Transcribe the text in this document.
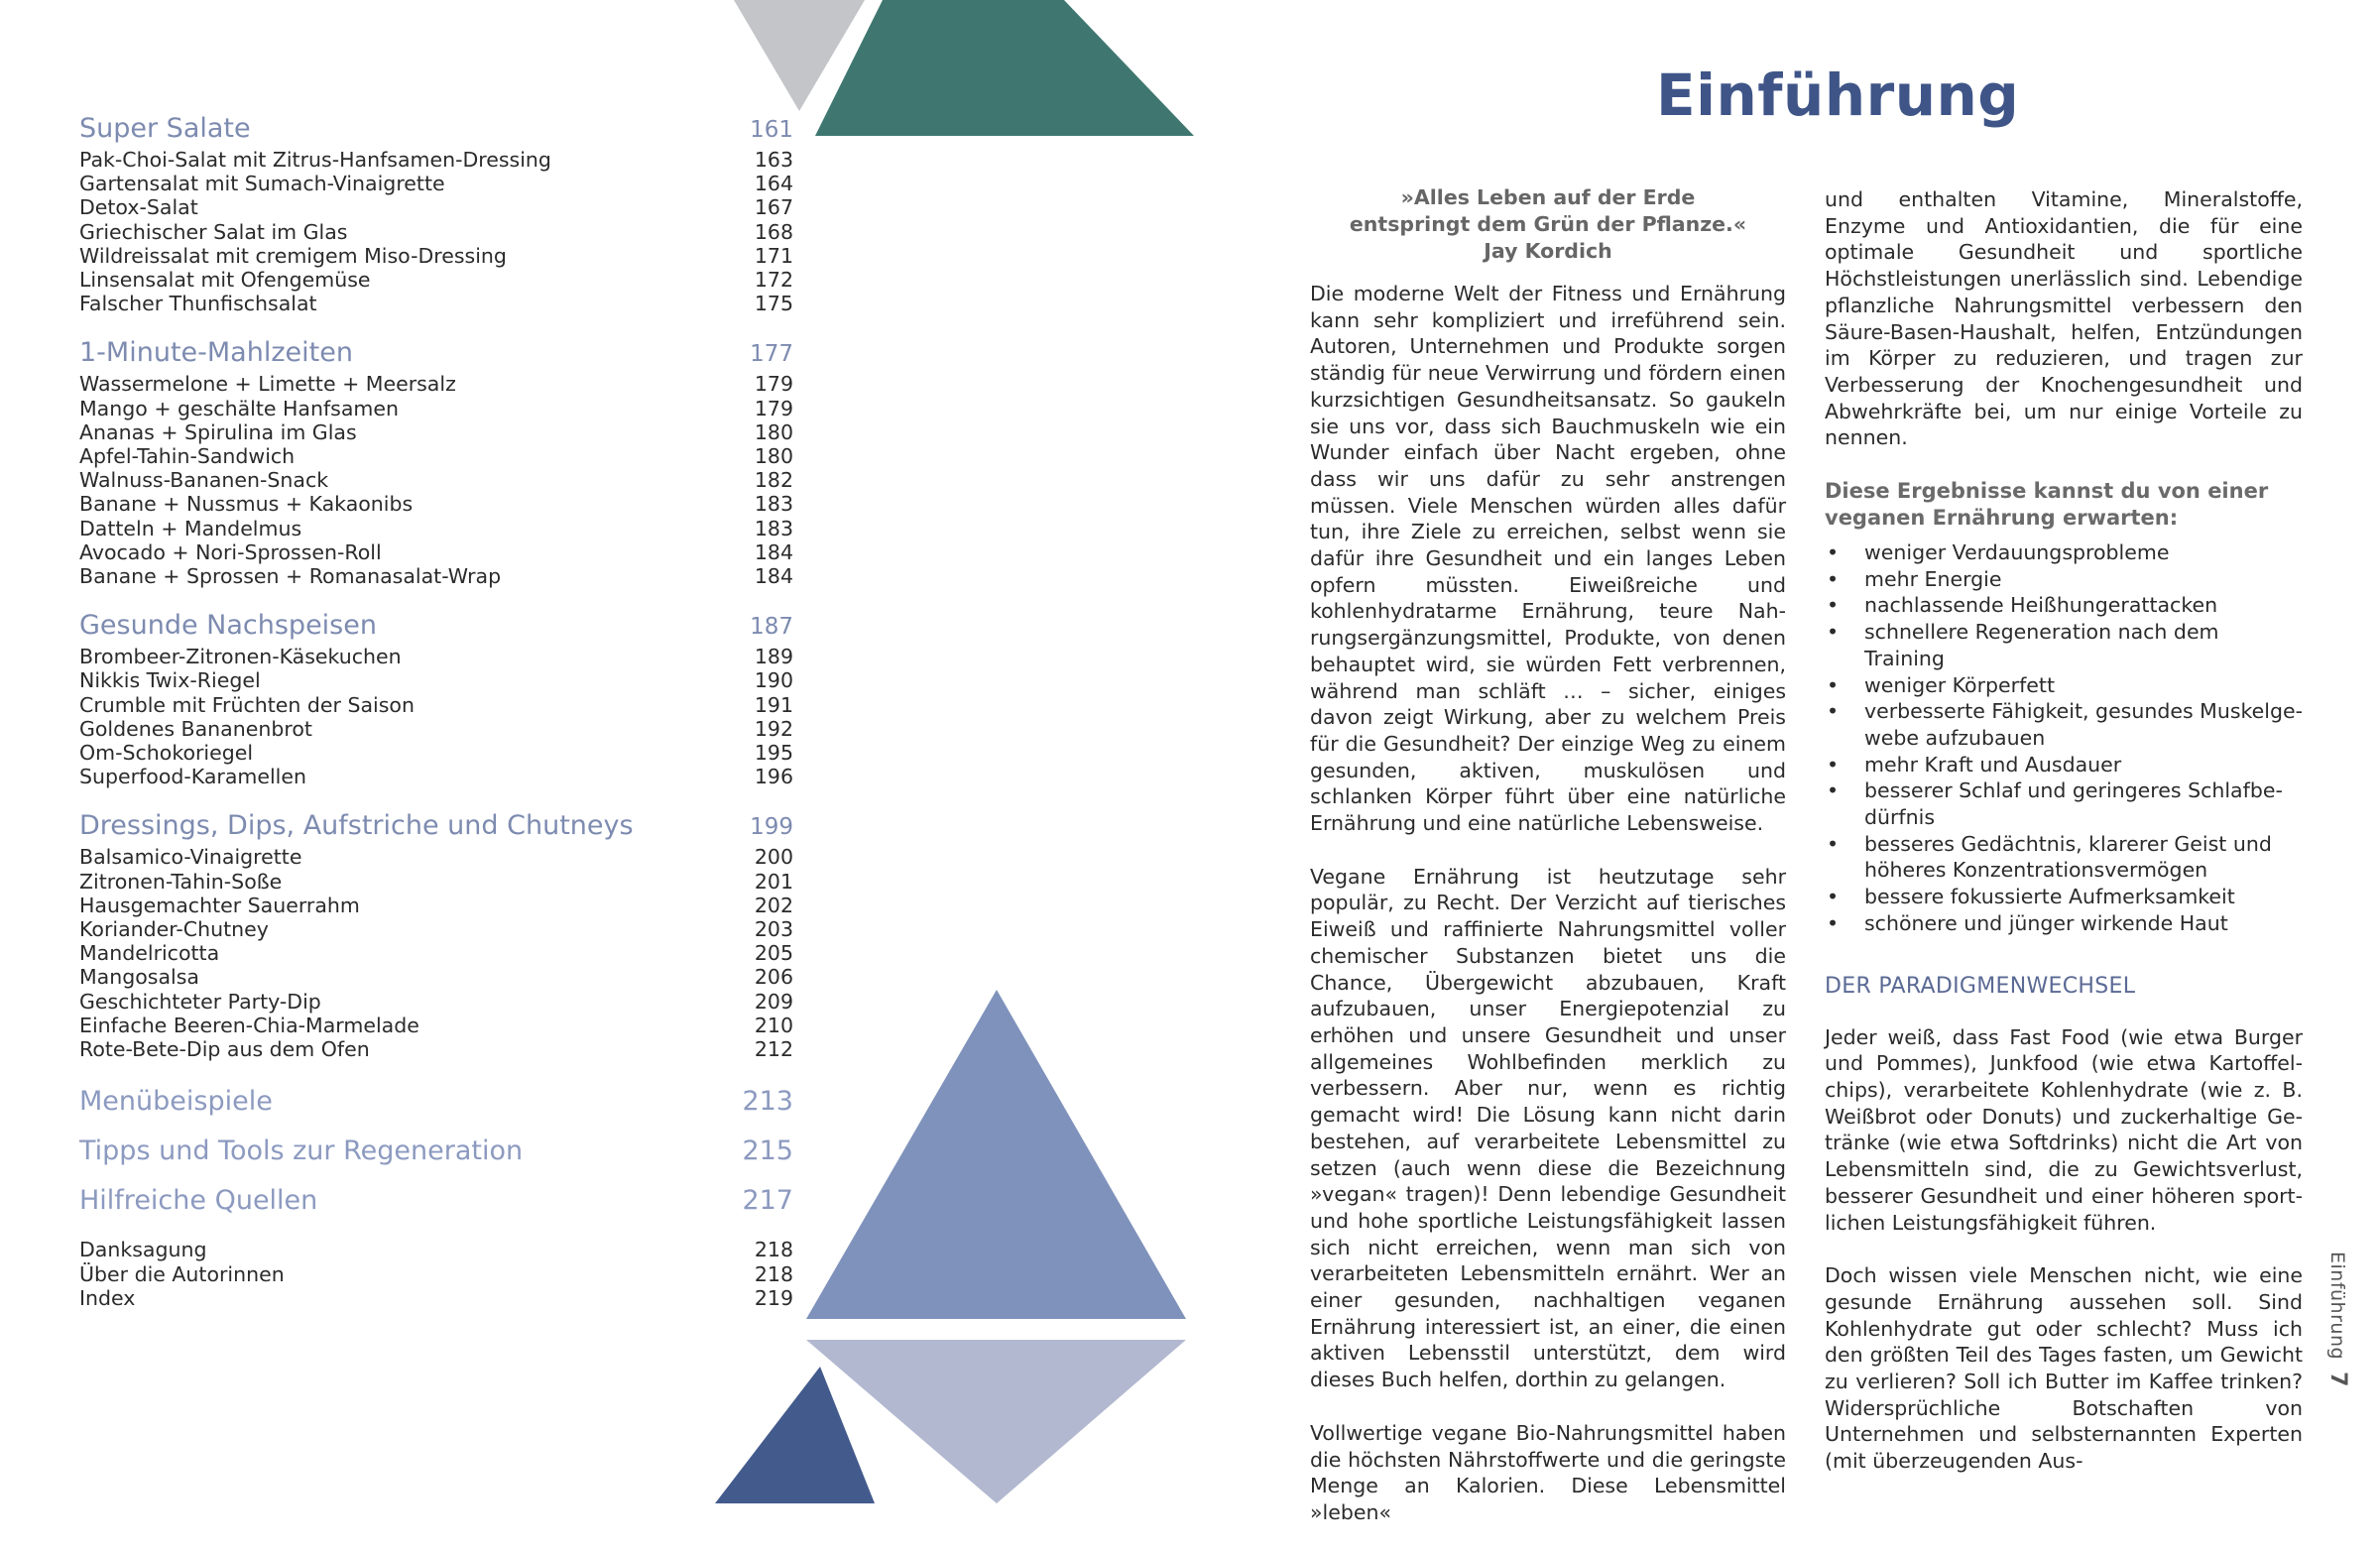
Super Salate	161
Pak-Choi-Salat mit Zitrus-Hanfsamen-Dressing	163
Gartensalat mit Sumach-Vinaigrette	164
Detox-Salat	167
Griechischer Salat im Glas	168
Wildreissalat mit cremigem Miso-Dressing	171
Linsensalat mit Ofengemüse	172
Falscher Thunfischsalat	175
1-Minute-Mahlzeiten	177
Wassermelone + Limette + Meersalz	179
Mango + geschälte Hanfsamen	179
Ananas + Spirulina im Glas	180
Apfel-Tahin-Sandwich	180
Walnuss-Bananen-Snack	182
Banane + Nussmus + Kakaonibs	183
Datteln + Mandelmus	183
Avocado + Nori-Sprossen-Roll	184
Banane + Sprossen + Romanasalat-Wrap	184
Gesunde Nachspeisen	187
Brombeer-Zitronen-Käsekuchen	189
Nikkis Twix-Riegel	190
Crumble mit Früchten der Saison	191
Goldenes Bananenbrot	192
Om-Schokoriegel	195
Superfood-Karamellen	196
Dressings, Dips, Aufstriche und Chutneys	199
Balsamico-Vinaigrette	200
Zitronen-Tahin-Soße	201
Hausgemachter Sauerrahm	202
Koriander-Chutney	203
Mandelricotta	205
Mangosalsa	206
Geschichteter Party-Dip	209
Einfache Beeren-Chia-Marmelade	210
Rote-Bete-Dip aus dem Ofen	212
Menübeispiele	213
Tipps und Tools zur Regeneration	215
Hilfreiche Quellen	217
Danksagung	218
Über die Autorinnen	218
Index	219
Einführung
»Alles Leben auf der Erde
entspringt dem Grün der Pflanze.«
Jay Kordich

Die moderne Welt der Fitness und Ernährung kann sehr kompliziert und irreführend sein. Autoren, Unternehmen und Produkte sorgen ständig für neue Verwirrung und fördern einen kurzsichtigen Gesundheitsansatz. So gaukeln sie uns vor, dass sich Bauchmuskeln wie ein Wunder einfach über Nacht ergeben, ohne dass wir uns dafür zu sehr anstrengen müssen. Viele Menschen würden alles dafür tun, ihre Ziele zu erreichen, selbst wenn sie dafür ihre Gesundheit und ein langes Leben opfern müssten. Eiweißreiche und kohlenhydratarme Ernährung, teure Nahrungsergänzungsmittel, Produkte, von denen behauptet wird, sie würden Fett verbrennen, während man schläft … – sicher, einiges davon zeigt Wirkung, aber zu welchem Preis für die Gesundheit? Der einzige Weg zu einem gesunden, aktiven, muskulösen und schlanken Körper führt über eine natürliche Ernährung und eine natürliche Lebensweise.

Vegane Ernährung ist heutzutage sehr populär, zu Recht. Der Verzicht auf tierisches Eiweiß und raffinierte Nahrungsmittel voller chemischer Substanzen bietet uns die Chance, Übergewicht abzubauen, Kraft aufzubauen, unser Energiepotenzial zu erhöhen und unsere Gesundheit und unser allgemeines Wohlbefinden merklich zu verbessern. Aber nur, wenn es richtig gemacht wird! Die Lösung kann nicht darin bestehen, auf verarbeitete Lebensmittel zu setzen (auch wenn diese die Bezeichnung »vegan« tragen)! Denn lebendige Gesundheit und hohe sportliche Leistungsfähigkeit lassen sich nicht erreichen, wenn man sich von verarbeiteten Lebensmitteln ernährt. Wer an einer gesunden, nachhaltigen veganen Ernährung interessiert ist, an einer, die einen aktiven Lebensstil unterstützt, dem wird dieses Buch helfen, dorthin zu gelangen.

Vollwertige vegane Bio-Nahrungsmittel haben die höchsten Nährstoffwerte und die geringste Menge an Kalorien. Diese Lebensmittel »leben«

und enthalten Vitamine, Mineralstoffe, Enzyme und Antioxidantien, die für eine optimale Gesundheit und sportliche Höchstleistungen unerlässlich sind. Lebendige pflanzliche Nahrungsmittel verbessern den Säure-Basen-Haushalt, helfen, Entzündungen im Körper zu reduzieren, und tragen zur Verbesserung der Knochengesundheit und Abwehrkräfte bei, um nur einige Vorteile zu nennen.

Diese Ergebnisse kannst du von einer veganen Ernährung erwarten:
• weniger Verdauungsprobleme
• mehr Energie
• nachlassende Heißhungerattacken
• schnellere Regeneration nach dem Training
• weniger Körperfett
• verbesserte Fähigkeit, gesundes Muskelgewebe aufzubauen
• mehr Kraft und Ausdauer
• besserer Schlaf und geringeres Schlafbedürfnis
• besseres Gedächtnis, klarerer Geist und höheres Konzentrationsvermögen
• bessere fokussierte Aufmerksamkeit
• schönere und jünger wirkende Haut
DER PARADIGMENWECHSEL

Jeder weiß, dass Fast Food (wie etwa Burger und Pommes), Junkfood (wie etwa Kartoffelchips), verarbeitete Kohlenhydrate (wie z. B. Weißbrot oder Donuts) und zuckerhaltige Getränke (wie etwa Softdrinks) nicht die Art von Lebensmitteln sind, die zu Gewichtsverlust, besserer Gesundheit und einer höheren sportlichen Leistungsfähigkeit führen.

Doch wissen viele Menschen nicht, wie eine gesunde Ernährung aussehen soll. Sind Kohlenhydrate gut oder schlecht? Muss ich den größten Teil des Tages fasten, um Gewicht zu verlieren? Soll ich Butter im Kaffee trinken? Widersprüchliche Botschaften von Unternehmen und selbsternannten Experten (mit überzeugenden Aus-

Einführung7
